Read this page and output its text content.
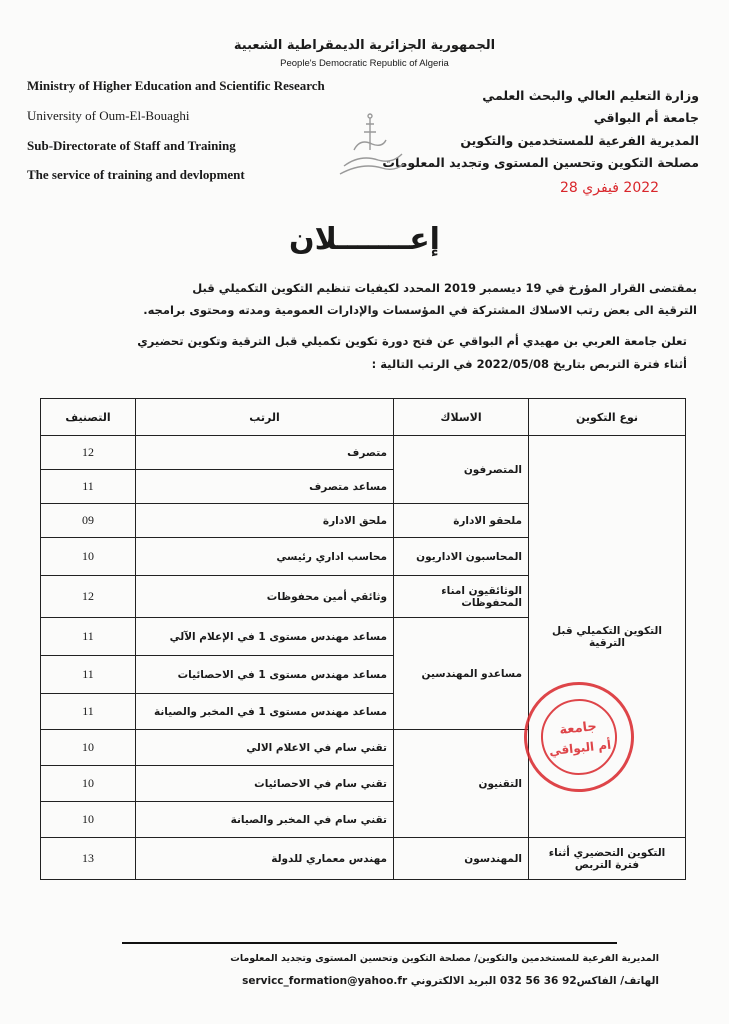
الجمهورية الجزائرية الديمقراطية الشعبية
People's Democratic Republic of Algeria
Ministry of Higher Education and Scientific Research
University of Oum-El-Bouaghi
Sub-Directorate of Staff and Training
The service of training and devlopment
وزارة التعليم العالي والبحث العلمي
جامعة أم البواقي
المديرية الفرعية للمستخدمين والتكوين
مصلحة التكوين وتحسين المستوى وتجديد المعلومات
2022 فيفري 28
إعـــــــلان
بمقتضى القرار المؤرخ في 19 ديسمبر 2019 المحدد لكيفيات تنظيم التكوين التكميلي قبل
الترقية الى بعض رتب الاسلاك المشتركة في المؤسسات والإدارات العمومية ومدته ومحتوى برامجه.
تعلن جامعة العربي بن مهيدي أم البواقي عن فتح دورة تكوين تكميلي قبل الترقية وتكوين تحضيري
أثناء فترة التربص بتاريخ 2022/05/08 في الرتب التالية :
التصنيف	الرتب	الاسلاك	نوع التكوين
12	متصرف	المتصرفون	التكوين التكميلي قبل الترقية
11	مساعد متصرف		
09	ملحق الادارة	ملحقو الادارة	
10	محاسب اداري رئيسي	المحاسبون الاداريون	
12	وثائقي أمين محفوظات	الوثائقيون امناء المحفوظات	
11	مساعد مهندس مستوى 1 في الإعلام الآلي	مساعدو المهندسين	
11	مساعد مهندس مستوى 1 في الاحصائيات		
11	مساعد مهندس مستوى 1 في المخبر والصيانة		
10	تقني سام في الاعلام الالي	التقنيون	
10	تقني سام في الاحصائيات		
10	تقني سام في المخبر والصيانة		
13	مهندس معماري للدولة	المهندسون	التكوين التحضيري أثناء فترة التربص
جامعة
أم البواقي
المديرية الفرعية للمستخدمين والتكوين/ مصلحة التكوين وتحسين المستوى وتجديد المعلومات
الهاتف/ الفاكس92 36 56 032 البريد الالكتروني servicc_formation@yahoo.fr
